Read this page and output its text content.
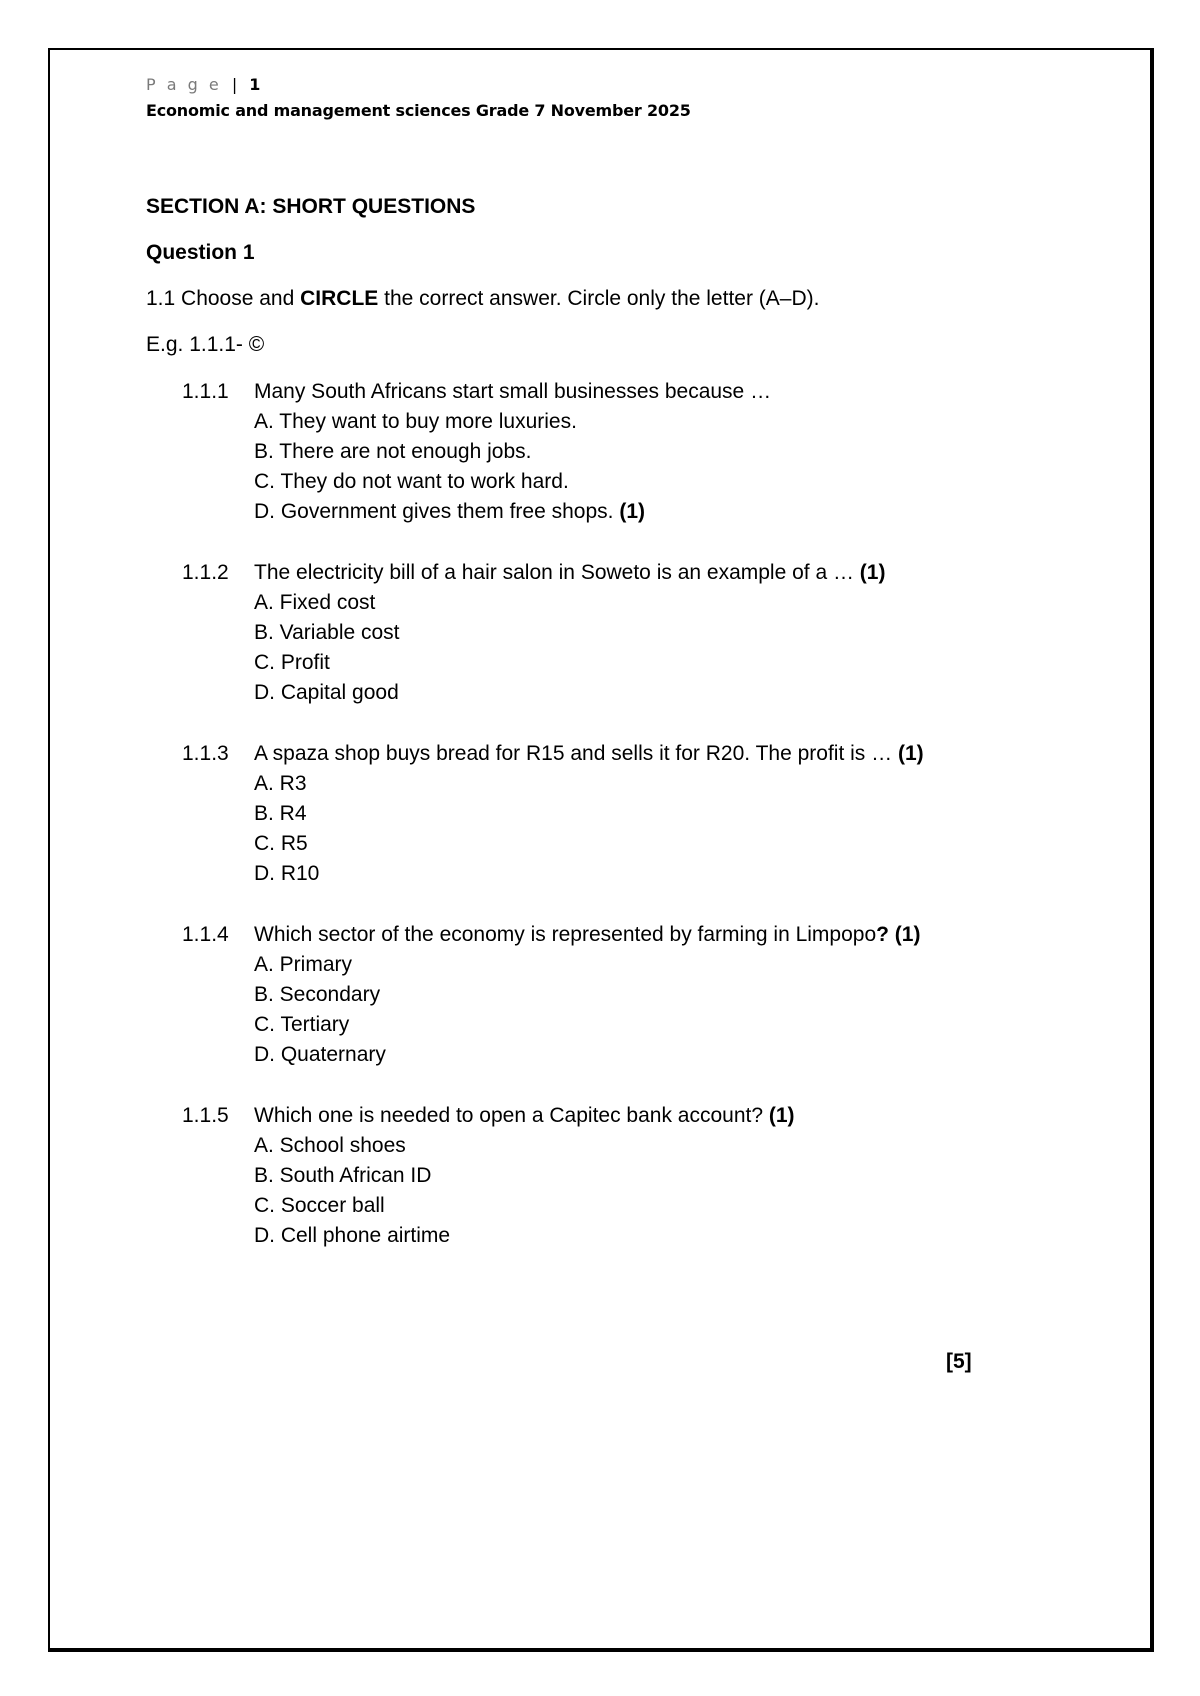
P a g e | 1
Economic and management sciences Grade 7 November 2025
SECTION A: SHORT QUESTIONS
Question 1
1.1 Choose and CIRCLE the correct answer. Circle only the letter (A–D).
E.g. 1.1.1- ©
1.1.1 Many South Africans start small businesses because …
A. They want to buy more luxuries.
B. There are not enough jobs.
C. They do not want to work hard.
D. Government gives them free shops. (1)
1.1.2 The electricity bill of a hair salon in Soweto is an example of a … (1)
A. Fixed cost
B. Variable cost
C. Profit
D. Capital good
1.1.3 A spaza shop buys bread for R15 and sells it for R20. The profit is … (1)
A. R3
B. R4
C. R5
D. R10
1.1.4 Which sector of the economy is represented by farming in Limpopo? (1)
A. Primary
B. Secondary
C. Tertiary
D. Quaternary
1.1.5 Which one is needed to open a Capitec bank account? (1)
A. School shoes
B. South African ID
C. Soccer ball
D. Cell phone airtime
[5]
